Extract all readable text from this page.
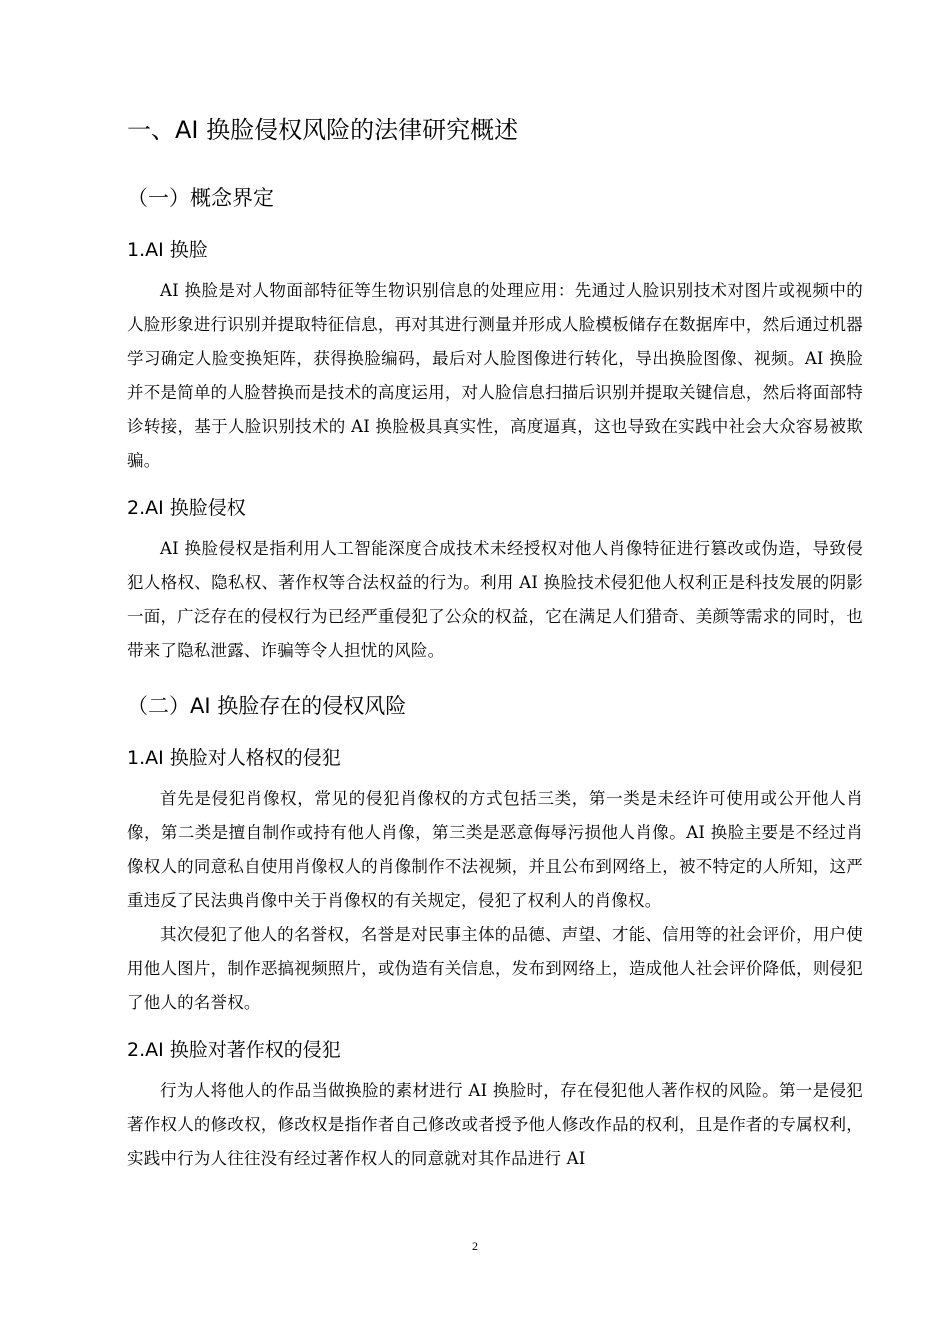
一、AI 换脸侵权风险的法律研究概述
（一）概念界定
1.AI 换脸

AI 换脸是对人物面部特征等生物识别信息的处理应用：先通过人脸识别技术对图片或视频中的人脸形象进行识别并提取特征信息，再对其进行测量并形成人脸模板储存在数据库中，然后通过机器学习确定人脸变换矩阵，获得换脸编码，最后对人脸图像进行转化，导出换脸图像、视频。AI 换脸并不是简单的人脸替换而是技术的高度运用，对人脸信息扫描后识别并提取关键信息，然后将面部特诊转接，基于人脸识别技术的 AI 换脸极具真实性，高度逼真，这也导致在实践中社会大众容易被欺骗。

2.AI 换脸侵权

AI 换脸侵权是指利用人工智能深度合成技术未经授权对他人肖像特征进行篡改或伪造，导致侵犯人格权、隐私权、著作权等合法权益的行为。利用 AI 换脸技术侵犯他人权利正是科技发展的阴影一面，广泛存在的侵权行为已经严重侵犯了公众的权益，它在满足人们猎奇、美颜等需求的同时，也带来了隐私泄露、诈骗等令人担忧的风险。

（二）AI 换脸存在的侵权风险
1.AI 换脸对人格权的侵犯

首先是侵犯肖像权，常见的侵犯肖像权的方式包括三类，第一类是未经许可使用或公开他人肖像，第二类是擅自制作或持有他人肖像，第三类是恶意侮辱污损他人肖像。AI 换脸主要是不经过肖像权人的同意私自使用肖像权人的肖像制作不法视频，并且公布到网络上，被不特定的人所知，这严重违反了民法典肖像中关于肖像权的有关规定，侵犯了权利人的肖像权。

其次侵犯了他人的名誉权，名誉是对民事主体的品德、声望、才能、信用等的社会评价，用户使用他人图片，制作恶搞视频照片，或伪造有关信息，发布到网络上，造成他人社会评价降低，则侵犯了他人的名誉权。

2.AI 换脸对著作权的侵犯

行为人将他人的作品当做换脸的素材进行 AI 换脸时，存在侵犯他人著作权的风险。第一是侵犯著作权人的修改权，修改权是指作者自己修改或者授予他人修改作品的权利，且是作者的专属权利，实践中行为人往往没有经过著作权人的同意就对其作品进行 AI

2
